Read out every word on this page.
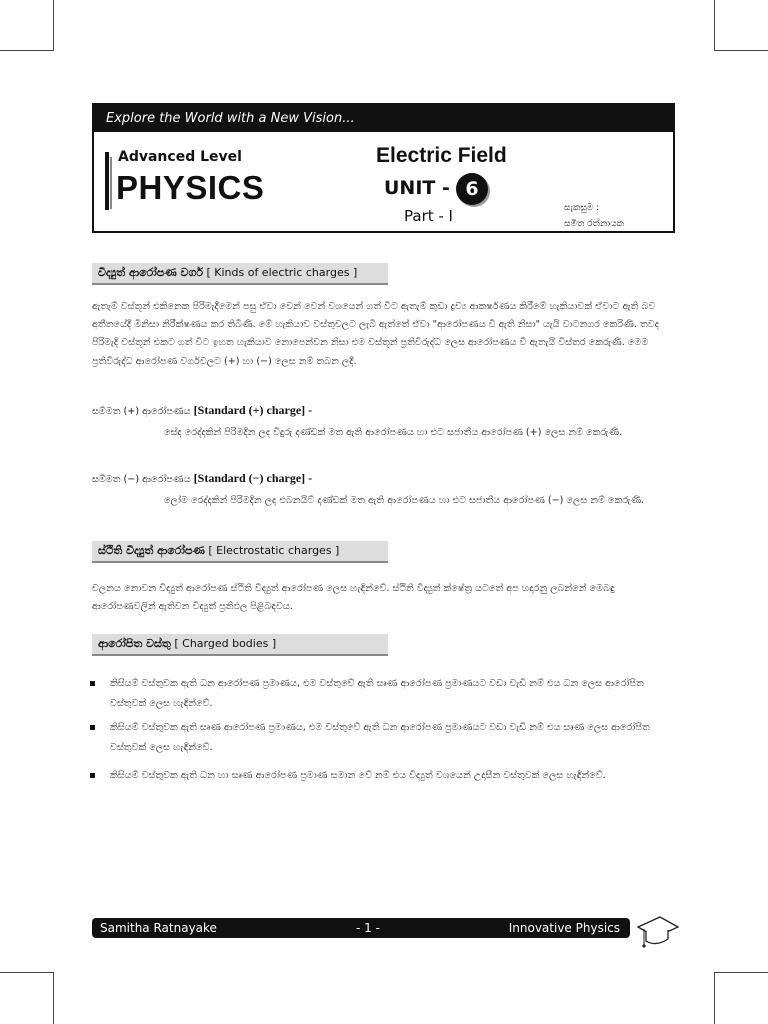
Explore the World with a New Vision...
Advanced Level
PHYSICS
Electric Field
UNIT - 6
Part - I	සැකසුම :
සමිත රත්නායක
විද්‍යුත් ආරෝපණ වර්ග [ Kinds of electric charges ]
ඇතැම් වස්තූන් එකිනෙක පිරිමැදීමෙන් පසු ඒවා වෙන් වෙන් වශයෙන් ගත් විට ඇතැම් කුඩා ද්‍රව්‍ය ආකර්ෂණය කිරීමේ හැකියාවක් ඒවාට ඇති බව අතීතයේදී මිනිසා නිරීක්ෂණය කර තිබිණි. මේ හැකියාව වස්තුවලට ලැබී ඇත්තේ ඒවා "ආරෝපණය වී ඇති නිසා" යැයි වාටනගර කෙරිණි. තවද පිරිමැදි වස්තූන් එකට ගත් විට ඉහත හැකියාව නොපෙන්වන නිසා එම වස්තූන් ප්‍රතිවිරුද්ධ ලෙස ආරෝපණය වී ඇතැයි විස්තර කෙරුණි. මෙම ප්‍රතිවිරුද්ධ ආරෝපණ වර්ගවලට (+) හා (−) ලෙස නම් තබන ලදී.
සම්මත (+) ආරෝපණය [Standard (+) charge] -
සේද රෙද්දකින් පිරිමදින ලද වීදුරු දණ්ඩක් මත ඇති ආරෝපණය හා එට සජාතීය ආරෝපණ (+) ලෙස නම් කෙරුණි.
සම්මත (−) ආරෝපණය [Standard (−) charge] -
ලෝම රෙද්දකින් පිරිමදින ලද එබනයිට් දණ්ඩක් මත ඇති ආරෝපණය හා එට සජාතීය ආරෝපණ (−) ලෙස නම් කෙරුණි.
ස්ථිති විද්‍යුත් ආරෝපණ [ Electrostatic charges ]
චලනය නොවන විද්‍යුත් ආරෝපණ ස්ථිති විද්‍යුත් ආරෝපණ ලෙස හැඳින්වේ. ස්ථිති විද්‍යුත් ක්ෂේත්‍ර යටතේ අප හදාරනු ලබන්නේ මෙබඳු ආරෝපණවලින් ඇතිවන විද්‍යුත් ප්‍රතිඵල පිළිබඳවය.
ආරෝපිත වස්තු [ Charged bodies ]
කිසියම් වස්තුවක ඇති ධන ආරෝපණ ප්‍රමාණය, එම වස්තුවේ ඇති සෘණ ආරෝපණ ප්‍රමාණයට වඩා වැඩි නම් එය ධන ලෙස ආරෝපිත වස්තුවක් ලෙස හැඳින්වේ.
කිසියම් වස්තුවක ඇති සෘණ ආරෝපණ ප්‍රමාණය, එම වස්තුවේ ඇති ධන ආරෝපණ ප්‍රමාණයට වඩා වැඩි නම් එය සෘණ ලෙස ආරෝපිත වස්තුවක් ලෙස හැඳින්වේ.
කිසියම් වස්තුවක ඇති ධන හා සෘණ ආරෝපණ ප්‍රමාණ සමාන වේ නම් එය විද්‍යුත් වශයෙන් උදාසීන වස්තුවක් ලෙස හැඳින්වේ.
Samitha Ratnayake	- 1 -	Innovative Physics
